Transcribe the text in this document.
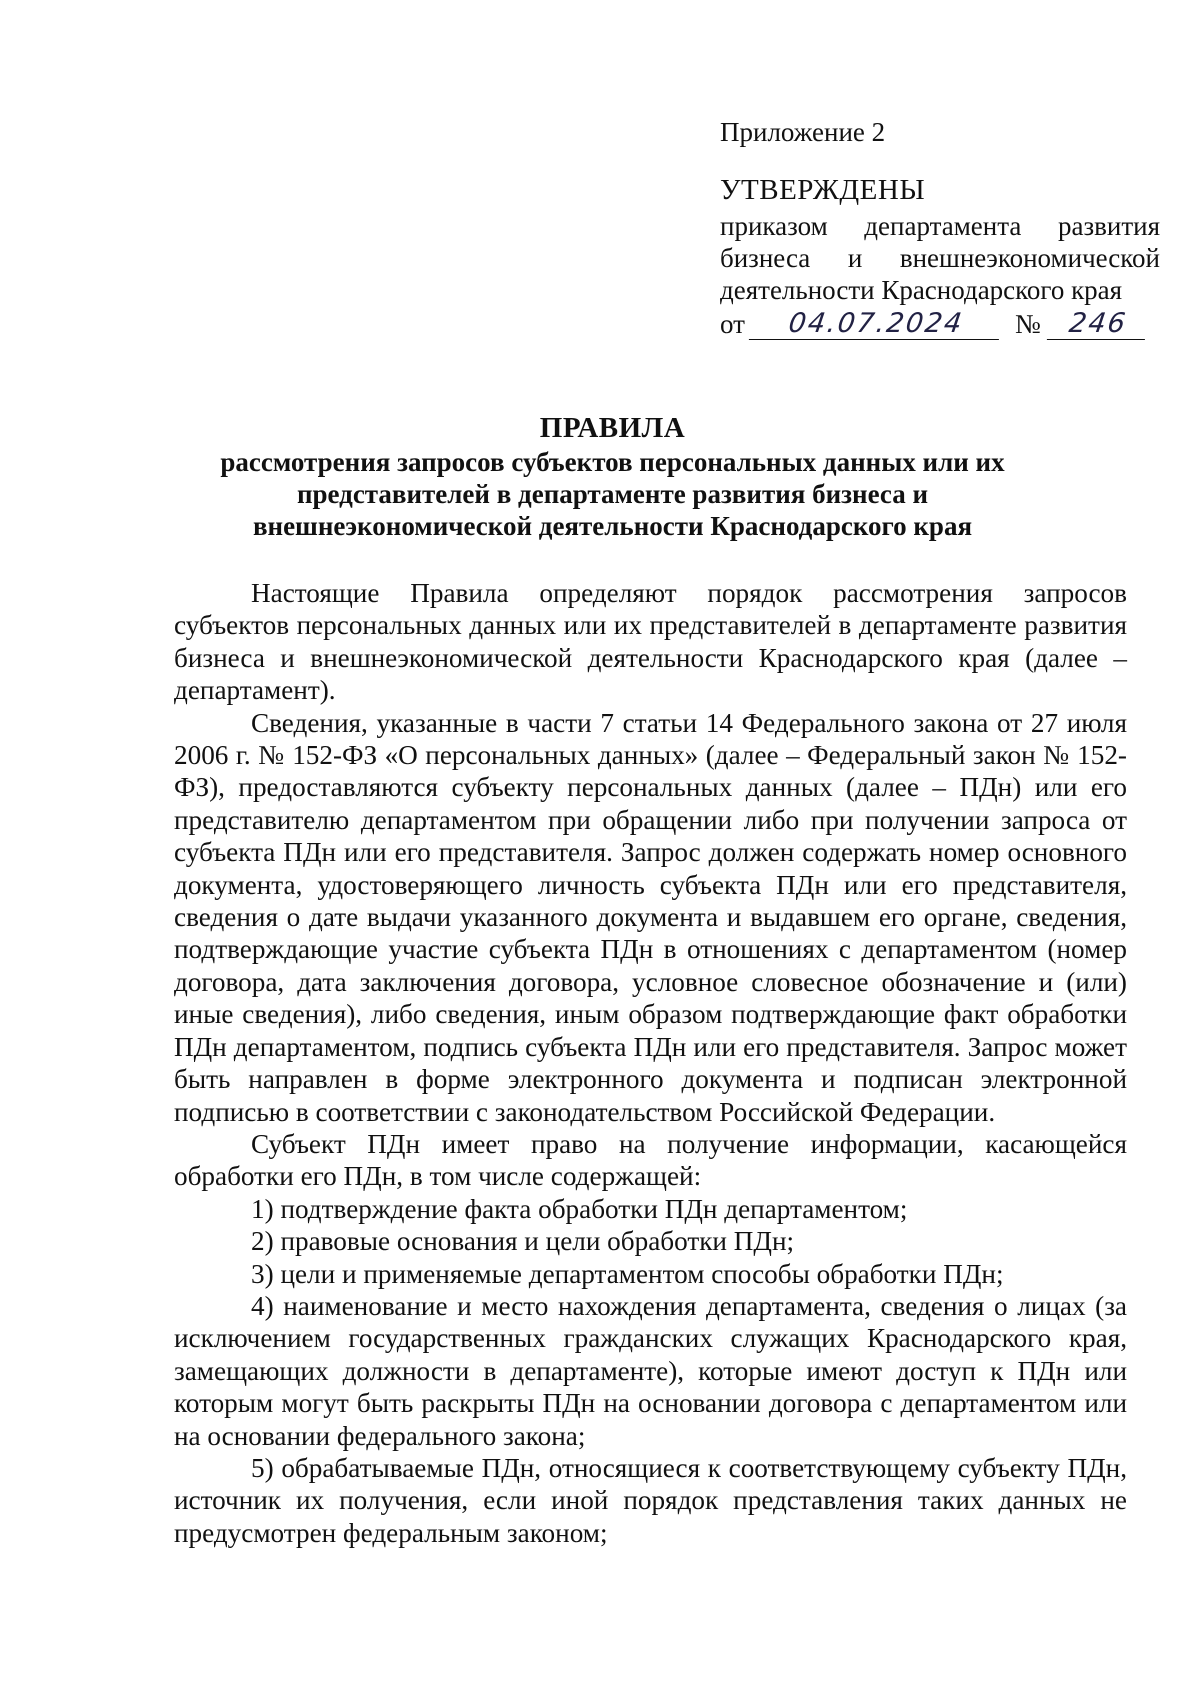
Приложение 2
УТВЕРЖДЕНЫ
приказом департамента развития бизнеса и внешнеэкономической деятельности Краснодарского края
от	04.07.2024	№ 246
ПРАВИЛА
рассмотрения запросов субъектов персональных данных или их представителей в департаменте развития бизнеса и внешнеэкономической деятельности Краснодарского края

Настоящие Правила определяют порядок рассмотрения запросов субъектов персональных данных или их представителей в департаменте развития бизнеса и внешнеэкономической деятельности Краснодарского края (далее – департамент).

Сведения, указанные в части 7 статьи 14 Федерального закона от 27 июля 2006 г. № 152-ФЗ «О персональных данных» (далее – Федеральный закон № 152-ФЗ), предоставляются субъекту персональных данных (далее – ПДн) или его представителю департаментом при обращении либо при получении запроса от субъекта ПДн или его представителя. Запрос должен содержать номер основного документа, удостоверяющего личность субъекта ПДн или его представителя, сведения о дате выдачи указанного документа и выдавшем его органе, сведения, подтверждающие участие субъекта ПДн в отношениях с департаментом (номер договора, дата заключения договора, условное словесное обозначение и (или) иные сведения), либо сведения, иным образом подтверждающие факт обработки ПДн департаментом, подпись субъекта ПДн или его представителя. Запрос может быть направлен в форме электронного документа и подписан электронной подписью в соответствии с законодательством Российской Федерации.

Субъект ПДн имеет право на получение информации, касающейся обработки его ПДн, в том числе содержащей:

1) подтверждение факта обработки ПДн департаментом;

2) правовые основания и цели обработки ПДн;

3) цели и применяемые департаментом способы обработки ПДн;

4) наименование и место нахождения департамента, сведения о лицах (за исключением государственных гражданских служащих Краснодарского края, замещающих должности в департаменте), которые имеют доступ к ПДн или которым могут быть раскрыты ПДн на основании договора с департаментом или на основании федерального закона;

5) обрабатываемые ПДн, относящиеся к соответствующему субъекту ПДн, источник их получения, если иной порядок представления таких данных не предусмотрен федеральным законом;
